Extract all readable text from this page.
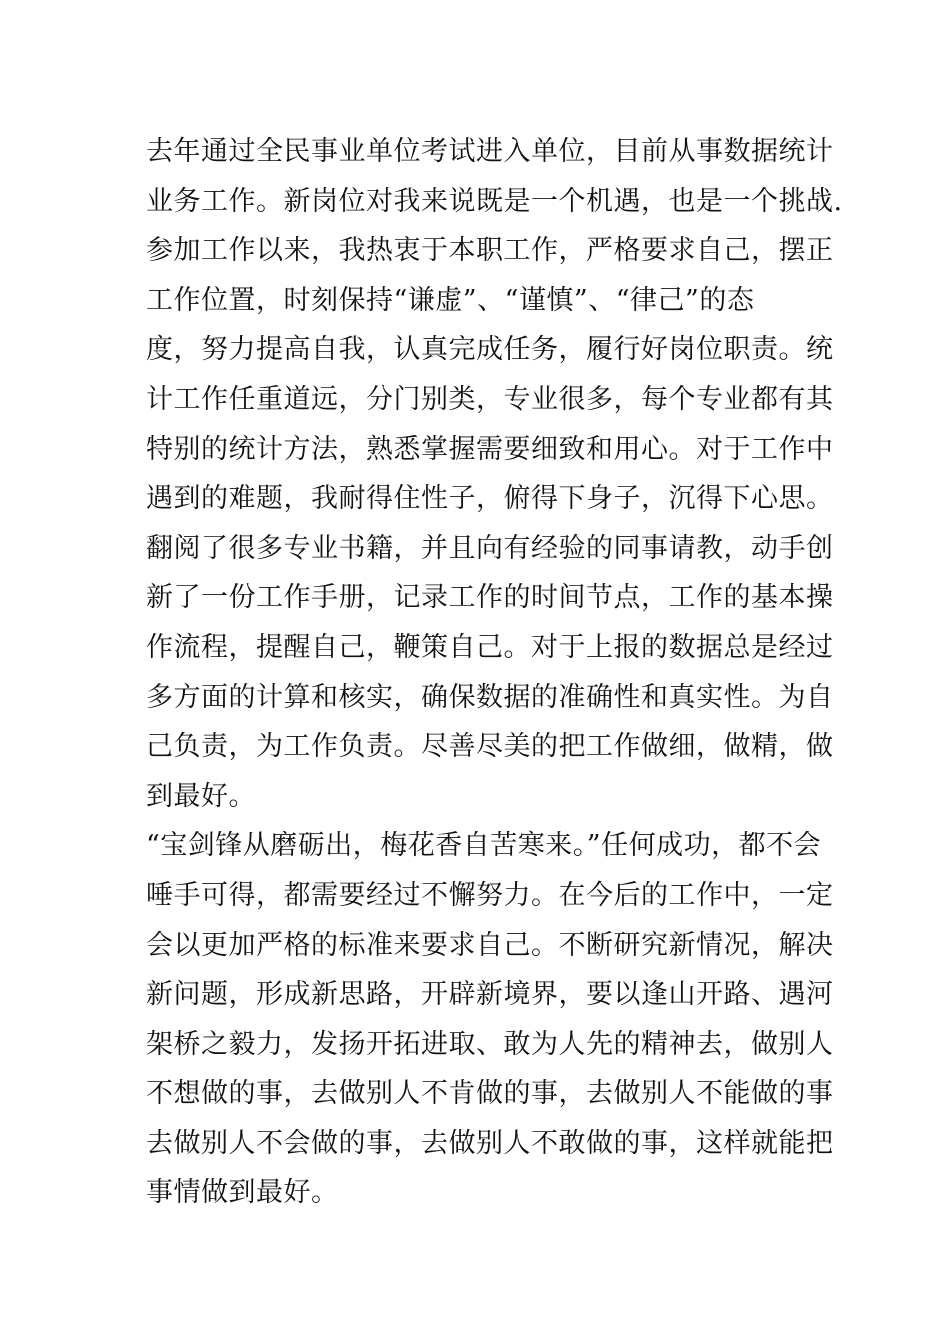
去年通过全民事业单位考试进入单位，目前从事数据统计
业务工作。新岗位对我来说既是一个机遇，也是一个挑战.
参加工作以来，我热衷于本职工作，严格要求自己，摆正
工作位置，时刻保持“谦虚”、“谨慎”、“律己”的态
度，努力提高自我，认真完成任务，履行好岗位职责。统
计工作任重道远，分门别类，专业很多，每个专业都有其
特别的统计方法，熟悉掌握需要细致和用心。对于工作中
遇到的难题，我耐得住性子，俯得下身子，沉得下心思。
翻阅了很多专业书籍，并且向有经验的同事请教，动手创
新了一份工作手册，记录工作的时间节点，工作的基本操
作流程，提醒自己，鞭策自己。对于上报的数据总是经过
多方面的计算和核实，确保数据的准确性和真实性。为自
己负责，为工作负责。尽善尽美的把工作做细，做精，做
到最好。
“宝剑锋从磨砺出，梅花香自苦寒来。”任何成功，都不会
唾手可得，都需要经过不懈努力。在今后的工作中，一定
会以更加严格的标准来要求自己。不断研究新情况，解决
新问题，形成新思路，开辟新境界，要以逢山开路、遇河
架桥之毅力，发扬开拓进取、敢为人先的精神去，做别人
不想做的事，去做别人不肯做的事，去做别人不能做的事
去做别人不会做的事，去做别人不敢做的事，这样就能把
事情做到最好。
